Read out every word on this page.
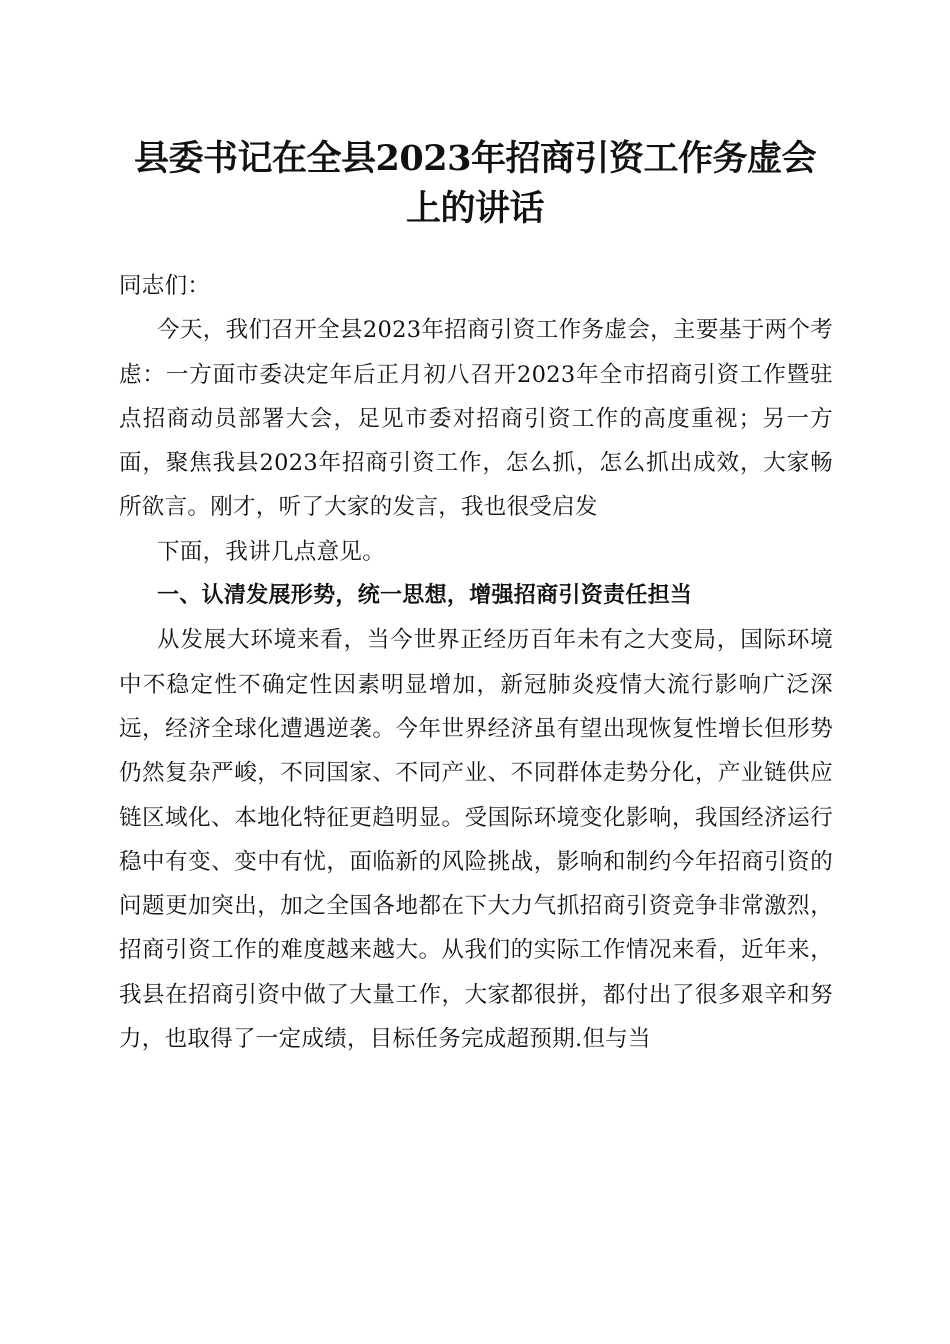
县委书记在全县2023年招商引资工作务虚会
上的讲话

同志们：

今天，我们召开全县2023年招商引资工作务虚会，主要基于两个考虑：一方面市委决定年后正月初八召开2023年全市招商引资工作暨驻点招商动员部署大会，足见市委对招商引资工作的高度重视；另一方面，聚焦我县2023年招商引资工作，怎么抓，怎么抓出成效，大家畅所欲言。刚才，听了大家的发言，我也很受启发

下面，我讲几点意见。

一、认清发展形势，统一思想，增强招商引资责任担当

从发展大环境来看，当今世界正经历百年未有之大变局，国际环境中不稳定性不确定性因素明显增加，新冠肺炎疫情大流行影响广泛深远，经济全球化遭遇逆袭。今年世界经济虽有望出现恢复性增长但形势仍然复杂严峻，不同国家、不同产业、不同群体走势分化，产业链供应链区域化、本地化特征更趋明显。受国际环境变化影响，我国经济运行稳中有变、变中有忧，面临新的风险挑战，影响和制约今年招商引资的问题更加突出，加之全国各地都在下大力气抓招商引资竞争非常激烈，招商引资工作的难度越来越大。从我们的实际工作情况来看，近年来，我县在招商引资中做了大量工作，大家都很拼，都付出了很多艰辛和努力，也取得了一定成绩，目标任务完成超预期.但与当
